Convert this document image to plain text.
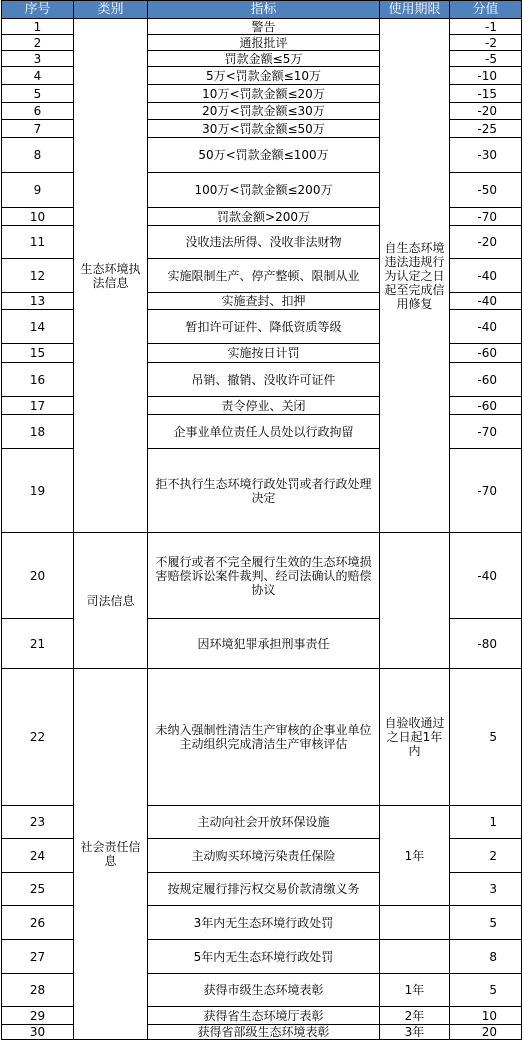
序号	类别	指标	使用期限	分值
1	生态环境执法信息	警告	自生态环境违法违规行为认定之日起至完成信用修复	-1
2		通报批评		-2
3		罚款金额≤5万		-5
4		5万<罚款金额≤10万		-10
5		10万<罚款金额≤20万		-15
6		20万<罚款金额≤30万		-20
7		30万<罚款金额≤50万		-25
8		50万<罚款金额≤100万		-30
9		100万<罚款金额≤200万		-50
10		罚款金额>200万		-70
11		没收违法所得、没收非法财物		-20
12		实施限制生产、停产整顿、限制从业		-40
13		实施查封、扣押		-40
14		暂扣许可证件、降低资质等级		-40
15		实施按日计罚		-60
16		吊销、撤销、没收许可证件		-60
17		责令停业、关闭		-60
18		企事业单位责任人员处以行政拘留		-70
19		拒不执行生态环境行政处罚或者行政处理决定		-70
20	司法信息	不履行或者不完全履行生效的生态环境损害赔偿诉讼案件裁判、经司法确认的赔偿协议		-40
21		因环境犯罪承担刑事责任		-80
22	社会责任信息	未纳入强制性清洁生产审核的企事业单位主动组织完成清洁生产审核评估	自验收通过之日起1年内	5
23		主动向社会开放环保设施	1年	1
24		主动购买环境污染责任保险		2
25		按规定履行排污权交易价款清缴义务		3
26		3年内无生态环境行政处罚		5
27		5年内无生态环境行政处罚		8
28		获得市级生态环境表彰	1年	5
29		获得省生态环境厅表彰	2年	10
30		获得省部级生态环境表彰	3年	20
